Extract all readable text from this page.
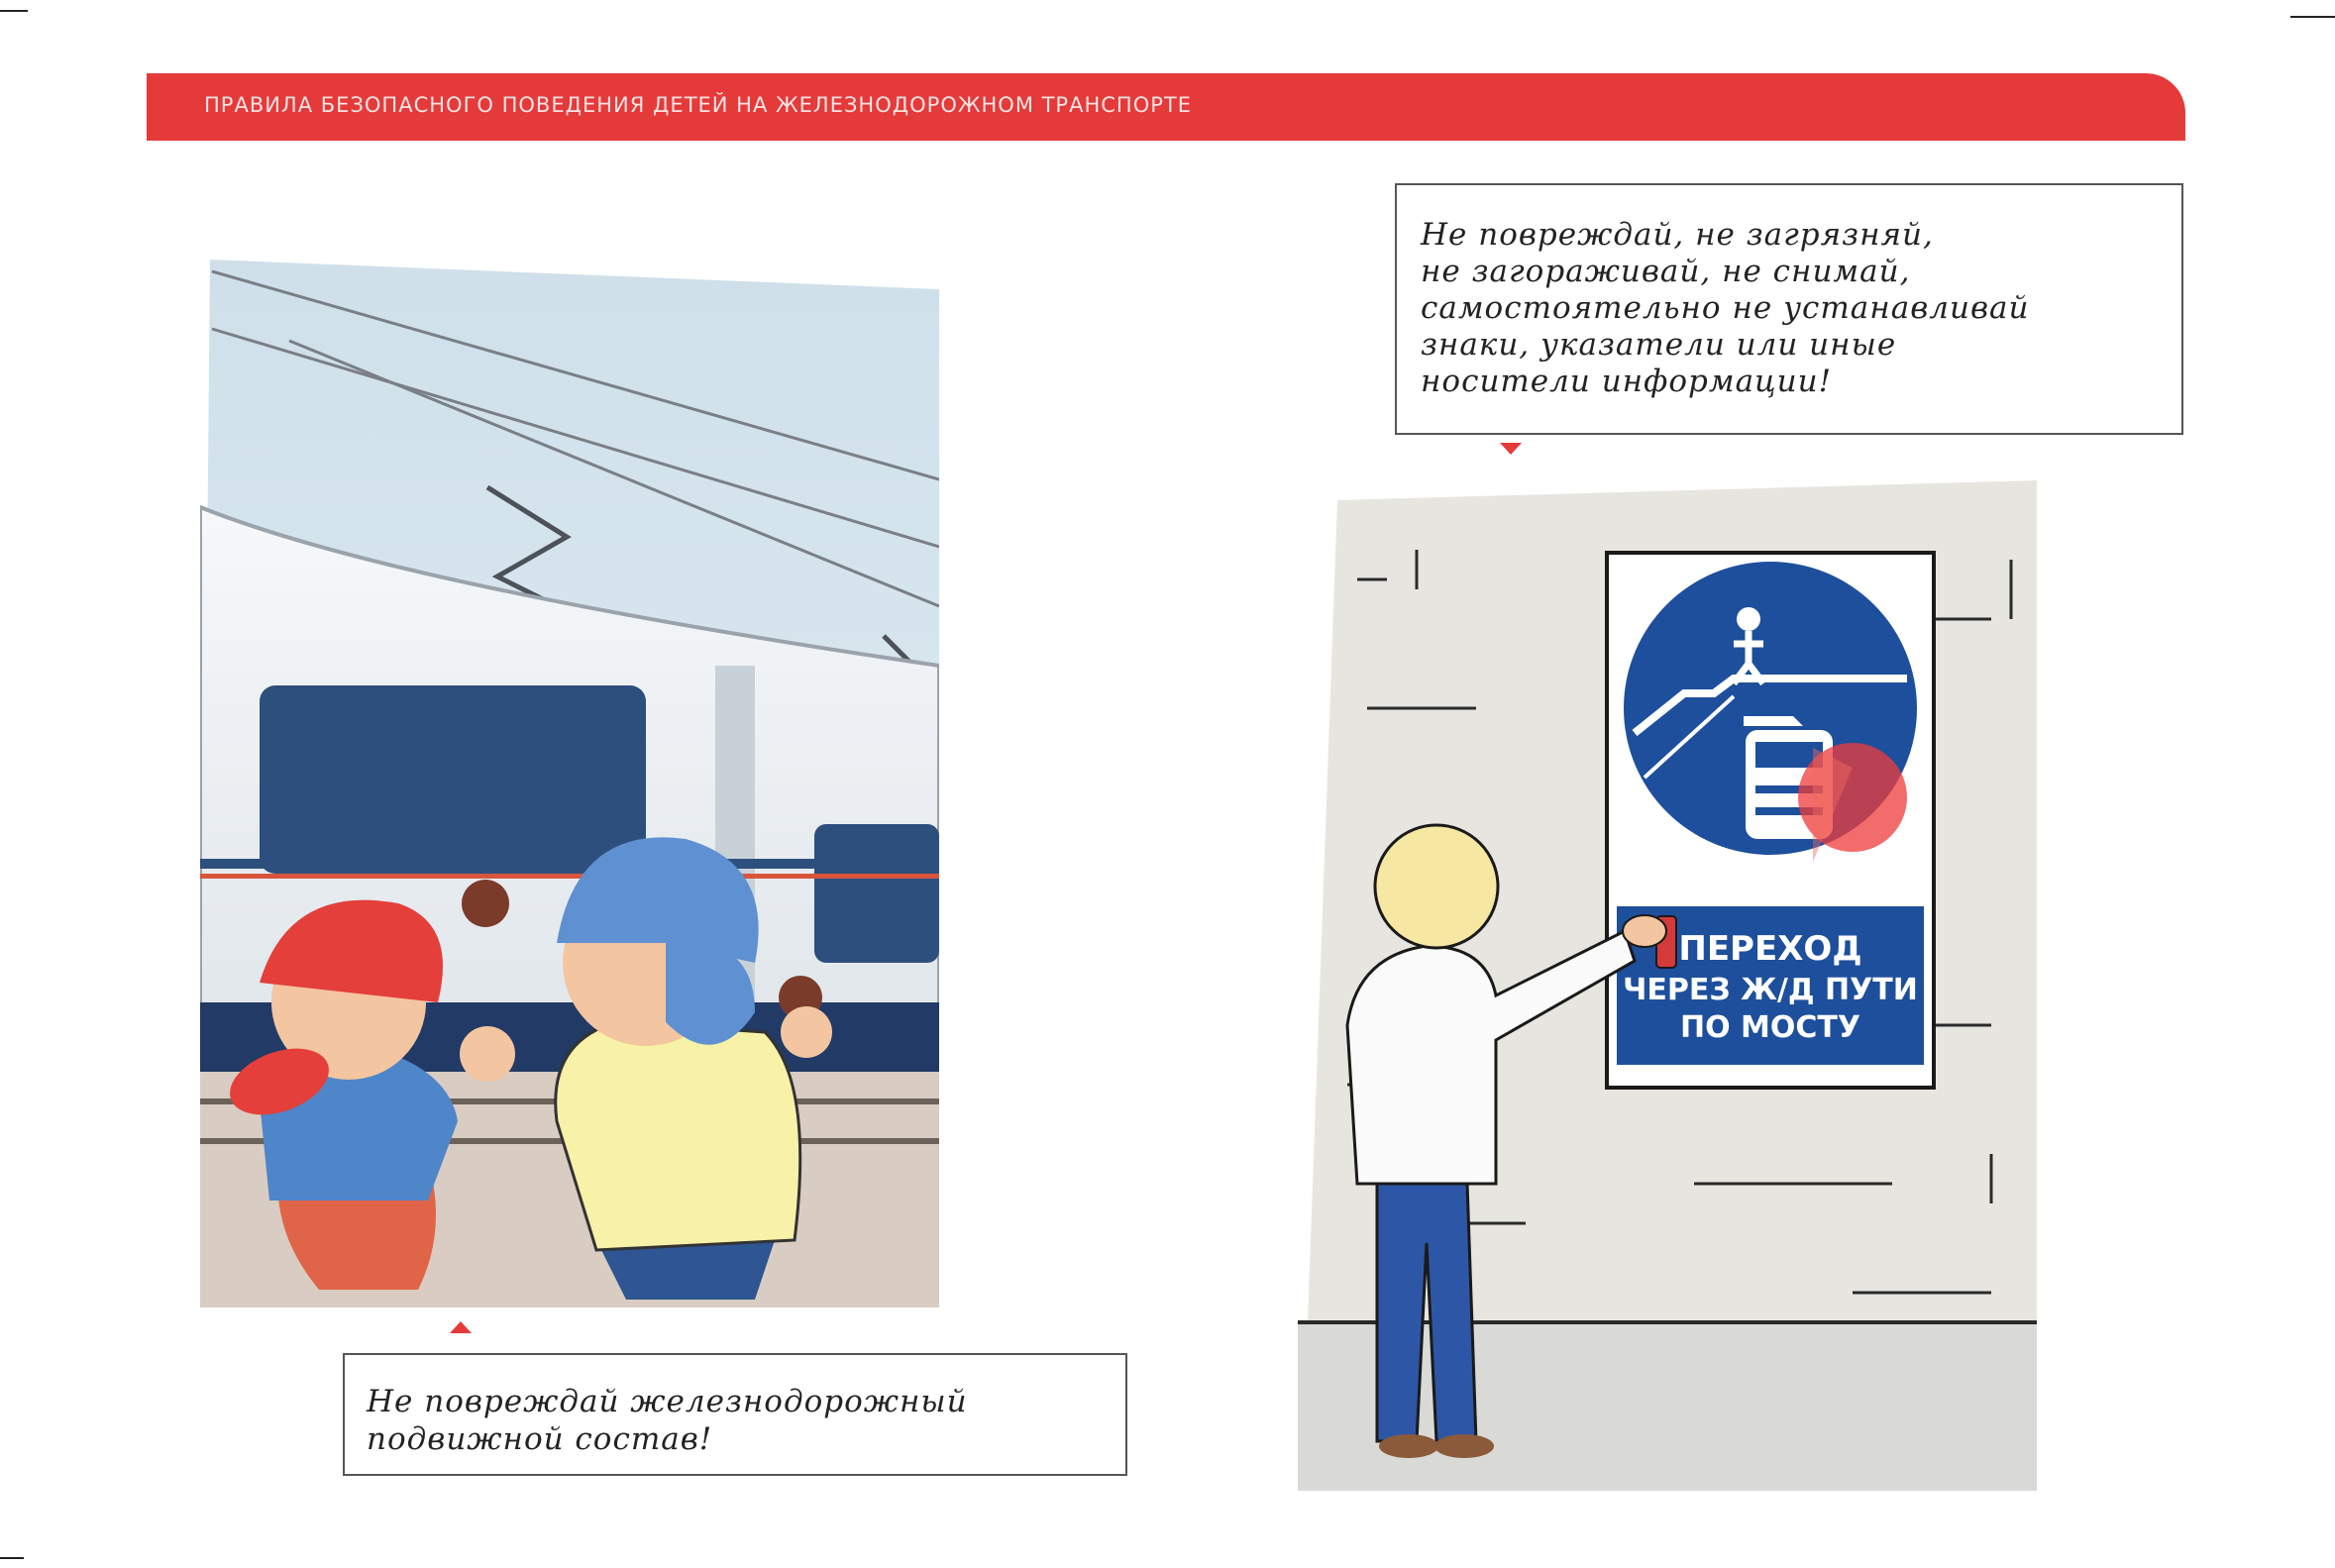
ПРАВИЛА БЕЗОПАСНОГО ПОВЕДЕНИЯ ДЕТЕЙ НА ЖЕЛЕЗНОДОРОЖНОМ ТРАНСПОРТЕ

Не повреждай железнодорожный
подвижной состав!

Не повреждай, не загрязняй,
не загораживай, не снимай,
самостоятельно не устанавливай
знаки, указатели или иные
носители информации!

ПЕРЕХОД
ЧЕРЕЗ Ж/Д ПУТИ
ПО МОСТУ
